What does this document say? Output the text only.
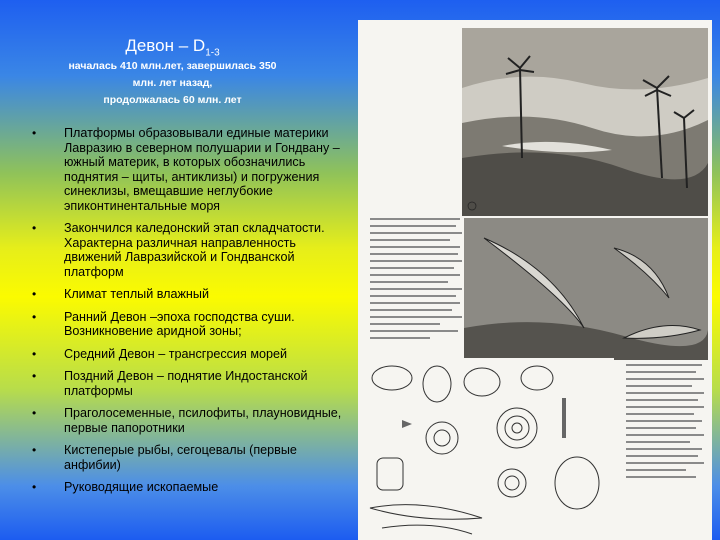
Девон – $D_{1-3}$
началась 410 млн.лет, завершилась 350
млн. лет назад,
продолжалась 60 млн. лет
• Платформы образовывали единые материки Лавразию в северном полушарии и Гондвану – южный материк, в которых обозначились поднятия – щиты, антиклизы) и погружения синеклизы, вмещавшие неглубокие эпиконтинентальные моря
• Закончился каледонский этап складчатости. Характерна различная направленность движений Лавразийской и Гондванской платформ
• Климат теплый влажный
• Ранний Девон –эпоха господства суши. Возникновение аридной зоны;
• Средний Девон – трансгрессия морей
• Поздний Девон – поднятие Индостанской платформы
• Праголосеменные, псилофиты, плауновидные, первые папоротники
• Кистеперые рыбы, сегоцевалы (первые анфибии)
• Руководящие ископаемые
